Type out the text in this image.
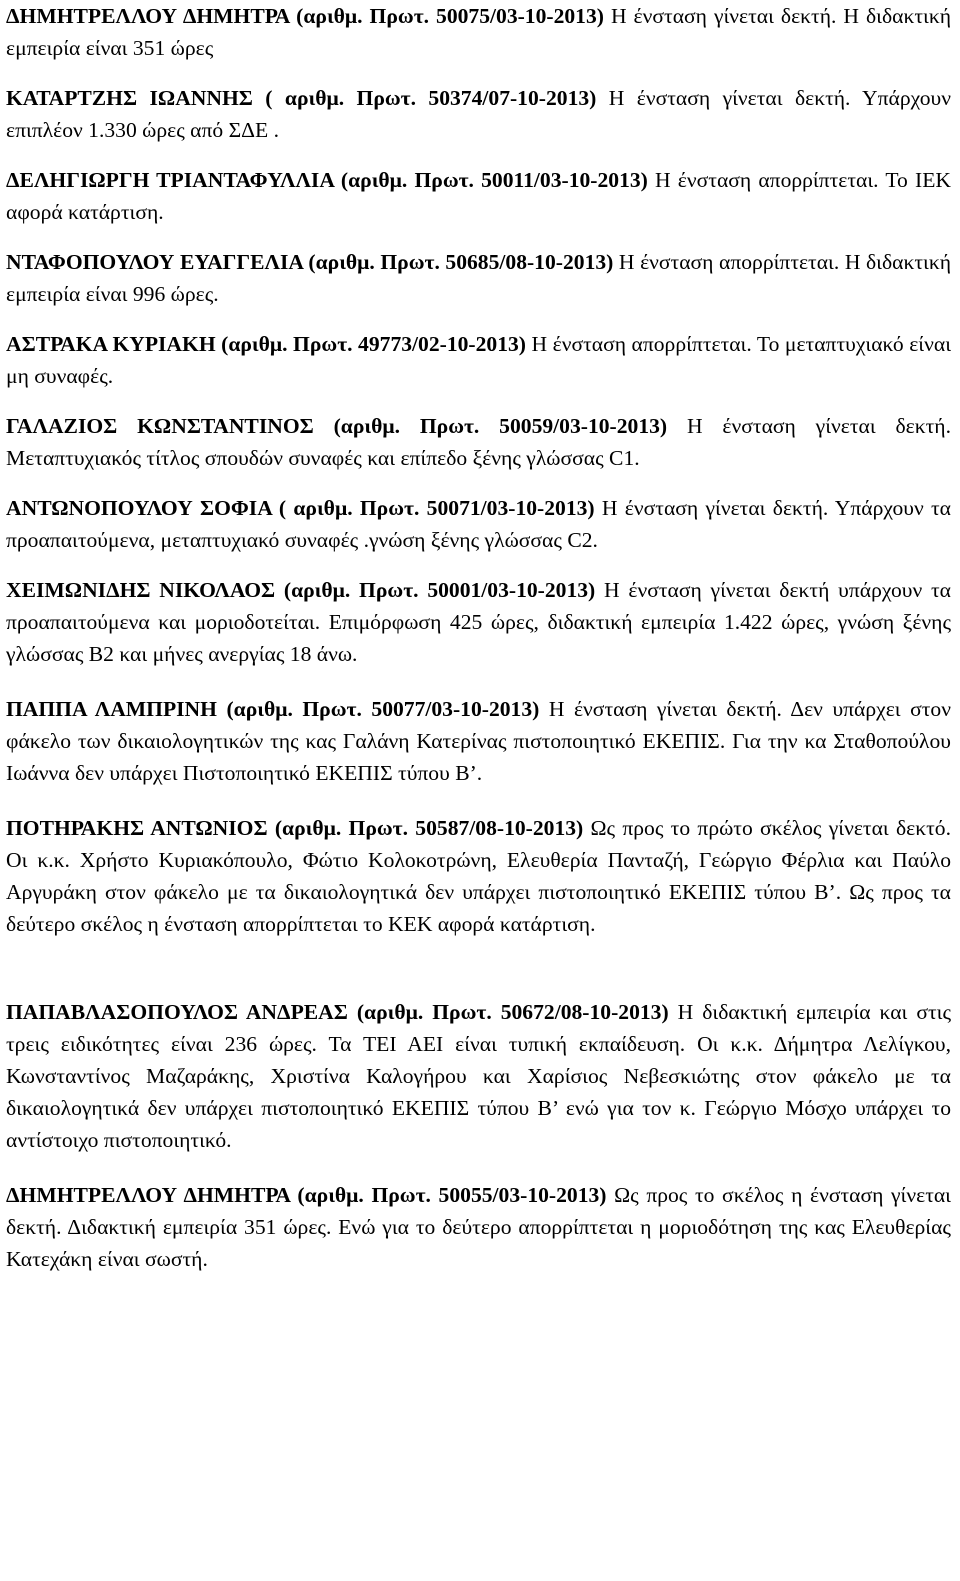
ΔΗΜΗΤΡΕΛΛΟΥ ΔΗΜΗΤΡΑ (αριθμ. Πρωτ. 50075/03-10-2013) Η ένσταση γίνεται δεκτή. Η διδακτική εμπειρία είναι 351 ώρες

ΚΑΤΑΡΤΖΗΣ ΙΩΑΝΝΗΣ ( αριθμ. Πρωτ. 50374/07-10-2013) Η ένσταση γίνεται δεκτή. Υπάρχουν επιπλέον 1.330 ώρες από ΣΔΕ .

ΔΕΛΗΓΙΩΡΓΗ ΤΡΙΑΝΤΑΦΥΛΛΙΑ (αριθμ. Πρωτ. 50011/03-10-2013) Η ένσταση απορρίπτεται. Το ΙΕΚ αφορά κατάρτιση.

ΝΤΑΦΟΠΟΥΛΟΥ ΕΥΑΓΓΕΛΙΑ (αριθμ. Πρωτ. 50685/08-10-2013) Η ένσταση απορρίπτεται. Η διδακτική εμπειρία είναι 996 ώρες.

ΑΣΤΡΑΚΑ ΚΥΡΙΑΚΗ (αριθμ. Πρωτ. 49773/02-10-2013) Η ένσταση απορρίπτεται. Το μεταπτυχιακό είναι μη συναφές.

ΓΑΛΑΖΙΟΣ ΚΩΝΣΤΑΝΤΙΝΟΣ (αριθμ. Πρωτ. 50059/03-10-2013) Η ένσταση γίνεται δεκτή. Μεταπτυχιακός τίτλος σπουδών συναφές και επίπεδο ξένης γλώσσας C1.

ΑΝΤΩΝΟΠΟΥΛΟΥ ΣΟΦΙΑ ( αριθμ. Πρωτ. 50071/03-10-2013) Η ένσταση γίνεται δεκτή. Υπάρχουν τα προαπαιτούμενα, μεταπτυχιακό συναφές .γνώση ξένης γλώσσας C2.

ΧΕΙΜΩΝΙΔΗΣ ΝΙΚΟΛΑΟΣ (αριθμ. Πρωτ. 50001/03-10-2013) Η ένσταση γίνεται δεκτή υπάρχουν τα προαπαιτούμενα και μοριοδοτείται. Επιμόρφωση 425 ώρες, διδακτική εμπειρία 1.422 ώρες, γνώση ξένης γλώσσας Β2 και μήνες ανεργίας 18 άνω.

ΠΑΠΠΑ ΛΑΜΠΡΙΝΗ (αριθμ. Πρωτ. 50077/03-10-2013) Η ένσταση γίνεται δεκτή. Δεν υπάρχει στον φάκελο των δικαιολογητικών της κας Γαλάνη Κατερίνας πιστοποιητικό ΕΚΕΠΙΣ. Για την κα Σταθοπούλου Ιωάννα δεν υπάρχει Πιστοποιητικό ΕΚΕΠΙΣ τύπου Β’.

ΠΟΤΗΡΑΚΗΣ ΑΝΤΩΝΙΟΣ (αριθμ. Πρωτ. 50587/08-10-2013) Ως προς το πρώτο σκέλος γίνεται δεκτό. Οι κ.κ. Χρήστο Κυριακόπουλο, Φώτιο Κολοκοτρώνη, Ελευθερία Πανταζή, Γεώργιο Φέρλια και Παύλο Αργυράκη στον φάκελο με τα δικαιολογητικά δεν υπάρχει πιστοποιητικό ΕΚΕΠΙΣ τύπου Β’. Ως προς τα δεύτερο σκέλος η ένσταση απορρίπτεται το ΚΕΚ αφορά κατάρτιση.

ΠΑΠΑΒΛΑΣΟΠΟΥΛΟΣ ΑΝΔΡΕΑΣ (αριθμ. Πρωτ. 50672/08-10-2013) Η διδακτική εμπειρία και στις τρεις ειδικότητες είναι 236 ώρες. Τα ΤΕΙ ΑΕΙ είναι τυπική εκπαίδευση. Οι κ.κ. Δήμητρα Λελίγκου, Κωνσταντίνος Μαζαράκης, Χριστίνα Καλογήρου και Χαρίσιος Νεβεσκιώτης στον φάκελο με τα δικαιολογητικά δεν υπάρχει πιστοποιητικό ΕΚΕΠΙΣ τύπου Β’ ενώ για τον κ. Γεώργιο Μόσχο υπάρχει το αντίστοιχο πιστοποιητικό.

ΔΗΜΗΤΡΕΛΛΟΥ ΔΗΜΗΤΡΑ (αριθμ. Πρωτ. 50055/03-10-2013) Ως προς το σκέλος η ένσταση γίνεται δεκτή. Διδακτική εμπειρία 351 ώρες. Ενώ για το δεύτερο απορρίπτεται η μοριοδότηση της κας Ελευθερίας Κατεχάκη είναι σωστή.
